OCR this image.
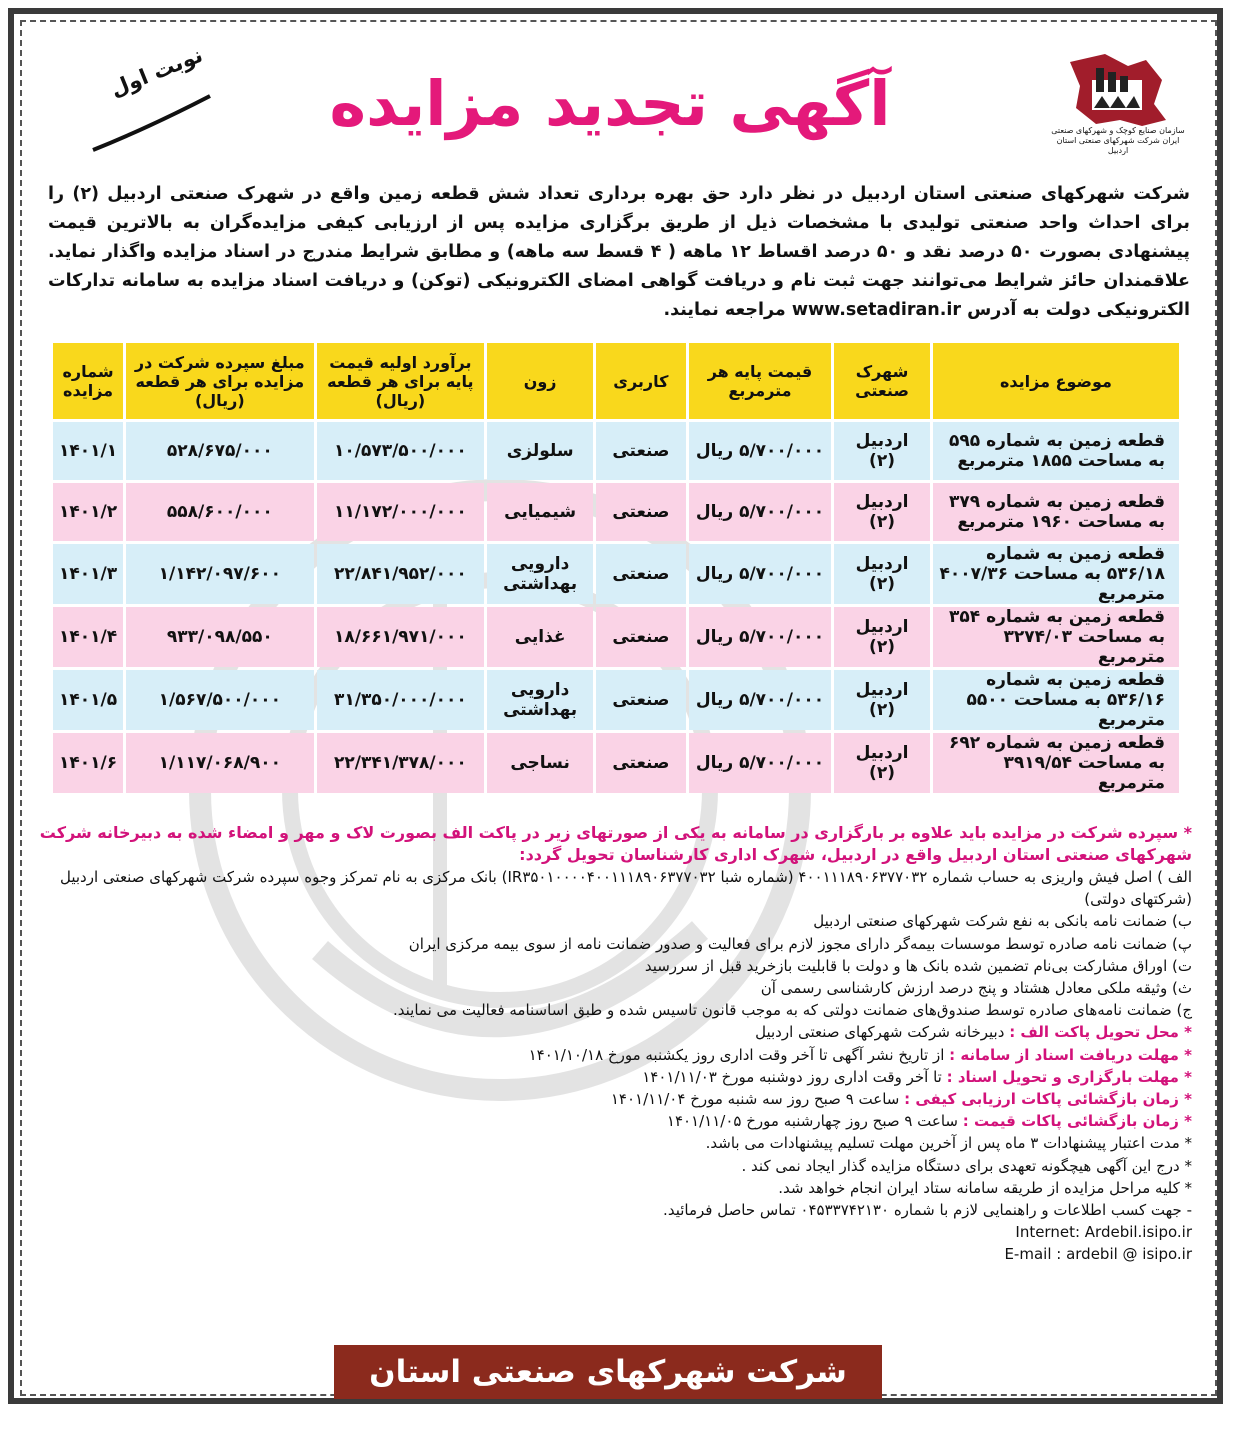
نوبت اول	آگهی تجدید مزایده	سازمان صنایع کوچک و شهرکهای صنعتی ایران شرکت شهرکهای صنعتی استان اردبیل
شرکت شهرکهای صنعتی استان اردبیل در نظر دارد حق بهره برداری تعداد شش قطعه زمین واقع در شهرک صنعتی اردبیل (۲) را برای احداث واحد صنعتی تولیدی با مشخصات ذیل از طریق برگزاری مزایده پس از ارزیابی کیفی مزایده‌گران به بالاترین قیمت پیشنهادی بصورت ۵۰ درصد نقد و ۵۰ درصد اقساط ۱۲ ماهه ( ۴ قسط سه ماهه) و مطابق شرایط مندرج در اسناد مزایده واگذار نماید. علاقمندان حائز شرایط می‌توانند جهت ثبت نام و دریافت گواهی امضای الکترونیکی (توکن) و دریافت اسناد مزایده به سامانه تدارکات الکترونیکی دولت به آدرس www.setadiran.ir مراجعه نمایند.
موضوع مزایده	شهرک صنعتی	قیمت پایه هر مترمربع	کاربری	زون	برآورد اولیه قیمت پایه برای هر قطعه (ریال)	مبلغ سپرده شرکت در مزایده برای هر قطعه (ریال)	شماره مزایده
قطعه زمین به شماره ۵۹۵ به مساحت ۱۸۵۵ مترمربع	اردبیل (۲)	۵/۷۰۰/۰۰۰ ریال	صنعتی	سلولزی	۱۰/۵۷۳/۵۰۰/۰۰۰	۵۲۸/۶۷۵/۰۰۰	۱۴۰۱/۱
قطعه زمین به شماره ۳۷۹ به مساحت ۱۹۶۰ مترمربع	اردبیل (۲)	۵/۷۰۰/۰۰۰ ریال	صنعتی	شیمیایی	۱۱/۱۷۲/۰۰۰/۰۰۰	۵۵۸/۶۰۰/۰۰۰	۱۴۰۱/۲
قطعه زمین به شماره ۵۳۶/۱۸ به مساحت ۴۰۰۷/۳۶ مترمربع	اردبیل (۲)	۵/۷۰۰/۰۰۰ ریال	صنعتی	دارویی بهداشتی	۲۲/۸۴۱/۹۵۲/۰۰۰	۱/۱۴۲/۰۹۷/۶۰۰	۱۴۰۱/۳
قطعه زمین به شماره ۳۵۴ به مساحت ۳۲۷۴/۰۳ مترمربع	اردبیل (۲)	۵/۷۰۰/۰۰۰ ریال	صنعتی	غذایی	۱۸/۶۶۱/۹۷۱/۰۰۰	۹۳۳/۰۹۸/۵۵۰	۱۴۰۱/۴
قطعه زمین به شماره ۵۳۶/۱۶ به مساحت ۵۵۰۰ مترمربع	اردبیل (۲)	۵/۷۰۰/۰۰۰ ریال	صنعتی	دارویی بهداشتی	۳۱/۳۵۰/۰۰۰/۰۰۰	۱/۵۶۷/۵۰۰/۰۰۰	۱۴۰۱/۵
قطعه زمین به شماره ۶۹۲ به مساحت ۳۹۱۹/۵۴ مترمربع	اردبیل (۲)	۵/۷۰۰/۰۰۰ ریال	صنعتی	نساجی	۲۲/۳۴۱/۳۷۸/۰۰۰	۱/۱۱۷/۰۶۸/۹۰۰	۱۴۰۱/۶
* سپرده شرکت در مزایده باید علاوه بر بارگزاری در سامانه به یکی از صورتهای زیر در پاکت الف بصورت لاک و مهر و امضاء شده به دبیرخانه شرکت شهرکهای صنعتی استان اردبیل واقع در اردبیل، شهرک اداری کارشناسان تحویل گردد:
الف ) اصل فیش واریزی به حساب شماره ۴۰۰۱۱۱۸۹۰۶۳۷۷۰۳۲ (شماره شبا IR۳۵۰۱۰۰۰۰۴۰۰۱۱۱۸۹۰۶۳۷۷۰۳۲) بانک مرکزی به نام تمرکز وجوه سپرده شرکت شهرکهای صنعتی اردبیل (شرکتهای دولتی)
ب) ضمانت نامه بانکی به نفع شرکت شهرکهای صنعتی اردبیل
پ) ضمانت نامه صادره توسط موسسات بیمه‌گر دارای مجوز لازم برای فعالیت و صدور ضمانت نامه از سوی بیمه مرکزی ایران
ت) اوراق مشارکت بی‌نام تضمین شده بانک ها و دولت با قابلیت بازخرید قبل از سررسید
ث) وثیقه ملکی معادل هشتاد و پنج درصد ارزش کارشناسی رسمی آن
ج) ضمانت نامه‌های صادره توسط صندوق‌های ضمانت دولتی که به موجب قانون تاسیس شده و طبق اساسنامه فعالیت می نمایند.
* محل تحویل پاکت الف : دبیرخانه شرکت شهرکهای صنعتی اردبیل
* مهلت دریافت اسناد از سامانه : از تاریخ نشر آگهی تا آخر وقت اداری روز یکشنبه مورخ ۱۴۰۱/۱۰/۱۸
* مهلت بارگزاری و تحویل اسناد : تا آخر وقت اداری روز دوشنبه مورخ ۱۴۰۱/۱۱/۰۳
* زمان بازگشائی پاکات ارزیابی کیفی : ساعت ۹ صبح روز سه شنبه مورخ ۱۴۰۱/۱۱/۰۴
* زمان بازگشائی پاکات قیمت : ساعت ۹ صبح روز چهارشنبه مورخ ۱۴۰۱/۱۱/۰۵
* مدت اعتبار پیشنهادات ۳ ماه پس از آخرین مهلت تسلیم پیشنهادات می باشد.
* درج این آگهی هیچگونه تعهدی برای دستگاه مزایده گذار ایجاد نمی کند .
* کلیه مراحل مزایده از طریقه سامانه ستاد ایران انجام خواهد شد.
- جهت کسب اطلاعات و راهنمایی لازم با شماره ۰۴۵۳۳۷۴۲۱۳۰ تماس حاصل فرمائید.
Internet: Ardebil.isipo.ir
E-mail : ardebil @ isipo.ir
شرکت شهرکهای صنعتی استان اردبیل
